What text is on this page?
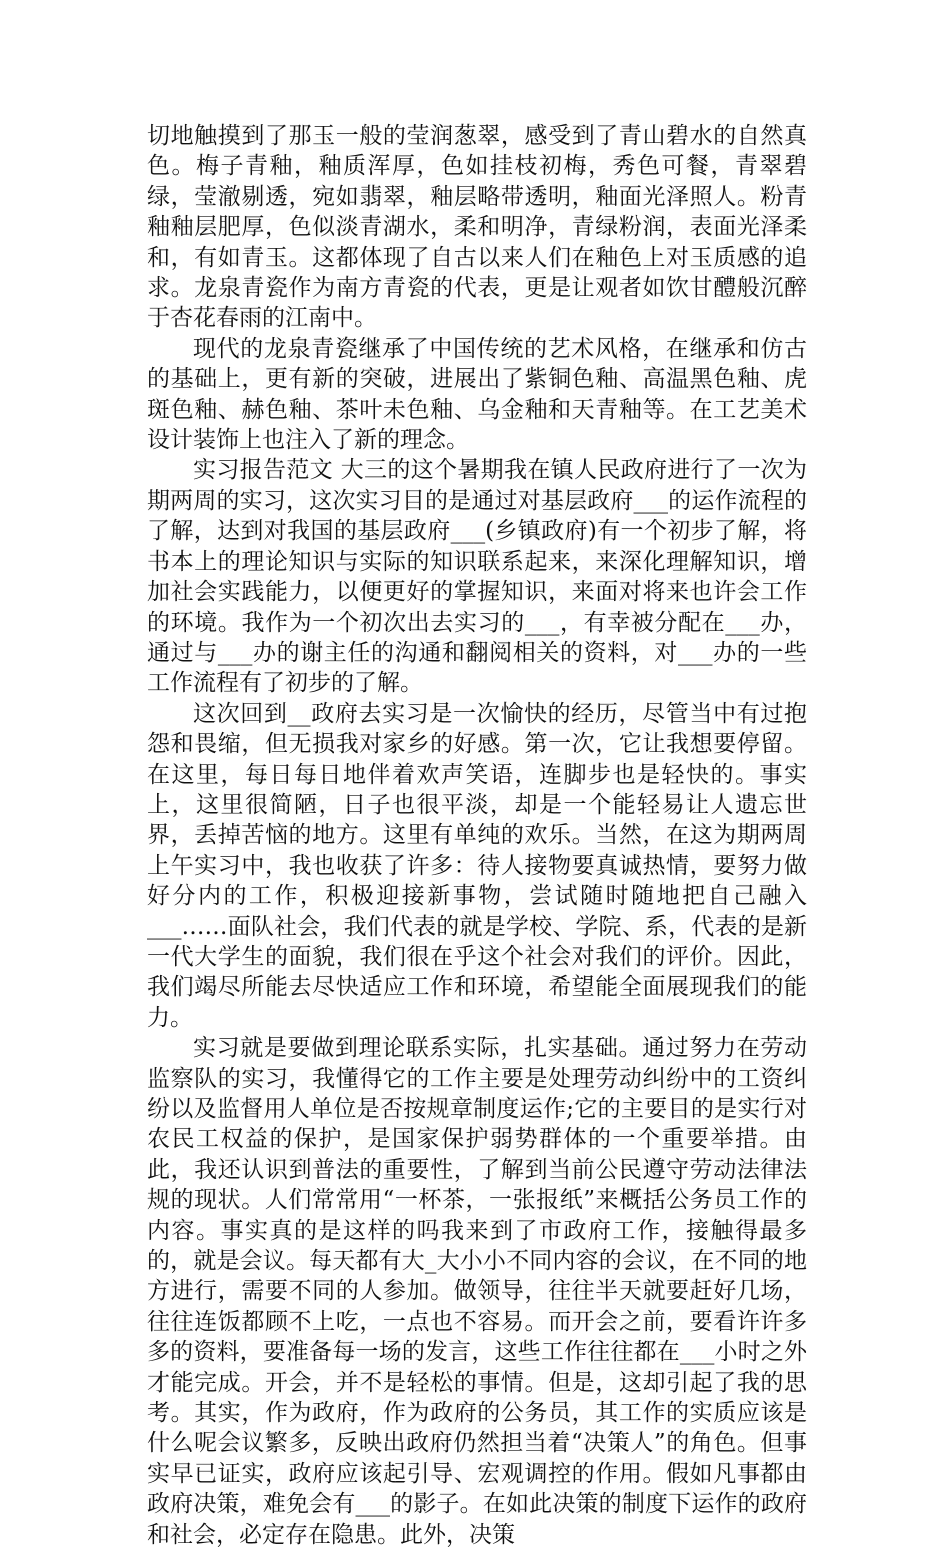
切地触摸到了那玉一般的莹润葱翠，感受到了青山碧水的自然真色。梅子青釉，釉质浑厚，色如挂枝初梅，秀色可餐，青翠碧绿，莹澈剔透，宛如翡翠，釉层略带透明，釉面光泽照人。粉青釉釉层肥厚，色似淡青湖水，柔和明净，青绿粉润，表面光泽柔和，有如青玉。这都体现了自古以来人们在釉色上对玉质感的追求。龙泉青瓷作为南方青瓷的代表，更是让观者如饮甘醴般沉醉于杏花春雨的江南中。

现代的龙泉青瓷继承了中国传统的艺术风格，在继承和仿古的基础上，更有新的突破，进展出了紫铜色釉、高温黑色釉、虎斑色釉、赫色釉、茶叶未色釉、乌金釉和天青釉等。在工艺美术设计装饰上也注入了新的理念。

实习报告范文 大三的这个暑期我在镇人民政府进行了一次为期两周的实习，这次实习目的是通过对基层政府___的运作流程的了解，达到对我国的基层政府___(乡镇政府)有一个初步了解，将书本上的理论知识与实际的知识联系起来，来深化理解知识，增加社会实践能力，以便更好的掌握知识，来面对将来也许会工作的环境。我作为一个初次出去实习的___，有幸被分配在___办，通过与___办的谢主任的沟通和翻阅相关的资料，对___办的一些工作流程有了初步的了解。

这次回到__政府去实习是一次愉快的经历，尽管当中有过抱怨和畏缩，但无损我对家乡的好感。第一次，它让我想要停留。在这里，每日每日地伴着欢声笑语，连脚步也是轻快的。事实上，这里很简陋，日子也很平淡，却是一个能轻易让人遗忘世界，丢掉苦恼的地方。这里有单纯的欢乐。当然，在这为期两周上午实习中，我也收获了许多：待人接物要真诚热情，要努力做好分内的工作，积极迎接新事物，尝试随时随地把自己融入___……面队社会，我们代表的就是学校、学院、系，代表的是新一代大学生的面貌，我们很在乎这个社会对我们的评价。因此，我们竭尽所能去尽快适应工作和环境，希望能全面展现我们的能力。

实习就是要做到理论联系实际，扎实基础。通过努力在劳动监察队的实习，我懂得它的工作主要是处理劳动纠纷中的工资纠纷以及监督用人单位是否按规章制度运作;它的主要目的是实行对农民工权益的保护，是国家保护弱势群体的一个重要举措。由此，我还认识到普法的重要性，了解到当前公民遵守劳动法律法规的现状。人们常常用“一杯茶，一张报纸”来概括公务员工作的内容。事实真的是这样的吗我来到了市政府工作，接触得最多的，就是会议。每天都有大_大小小不同内容的会议，在不同的地方进行，需要不同的人参加。做领导，往往半天就要赶好几场，往往连饭都顾不上吃，一点也不容易。而开会之前，要看许许多多的资料，要准备每一场的发言，这些工作往往都在___小时之外才能完成。开会，并不是轻松的事情。但是，这却引起了我的思考。其实，作为政府，作为政府的公务员，其工作的实质应该是什么呢会议繁多，反映出政府仍然担当着“决策人”的角色。但事实早已证实，政府应该起引导、宏观调控的作用。假如凡事都由政府决策，难免会有___的影子。在如此决策的制度下运作的政府和社会，必定存在隐患。此外，决策
